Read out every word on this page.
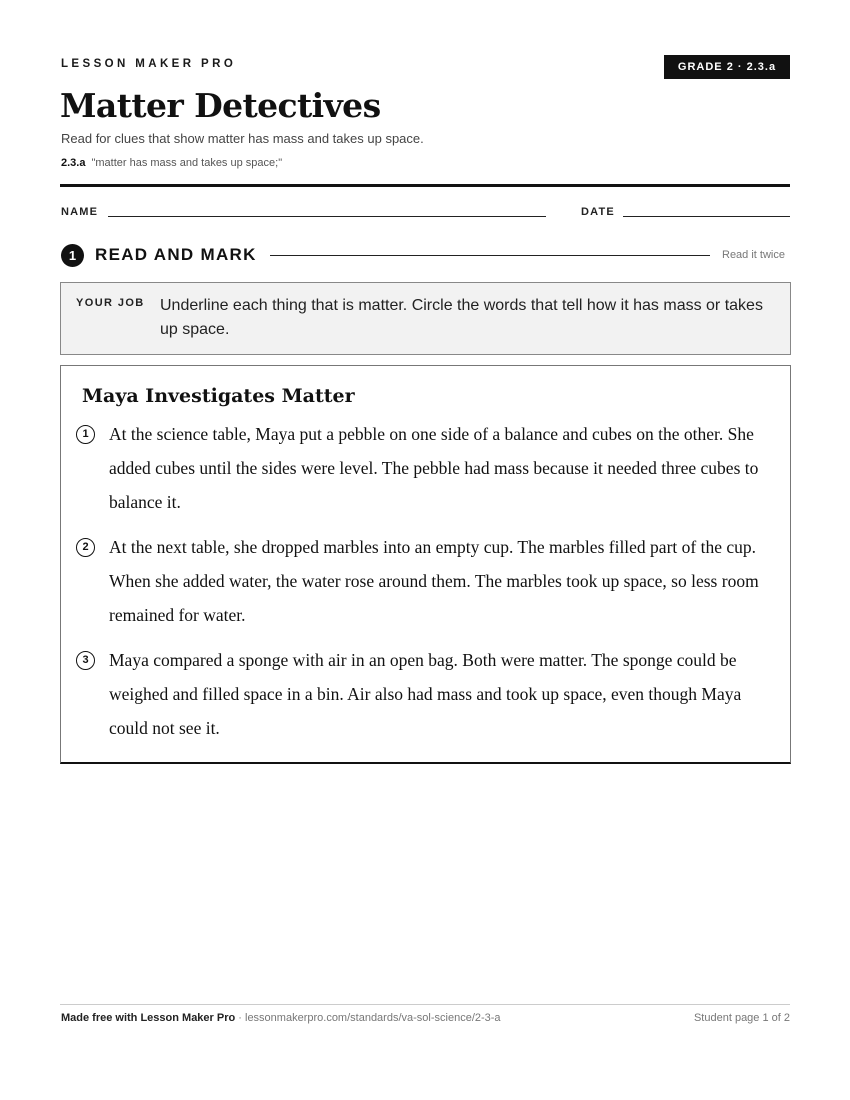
LESSON MAKER PRO	GRADE 2 · 2.3.a
Matter Detectives
Read for clues that show matter has mass and takes up space.
2.3.a "matter has mass and takes up space;"
NAME	DATE
1	READ AND MARK	Read it twice
YOUR JOB Underline each thing that is matter. Circle the words that tell how it has mass or takes up space.
Maya Investigates Matter
1	At the science table, Maya put a pebble on one side of a balance and cubes on the other. She added cubes until the sides were level. The pebble had mass because it needed three cubes to balance it.
2	At the next table, she dropped marbles into an empty cup. The marbles filled part of the cup. When she added water, the water rose around them. The marbles took up space, so less room remained for water.
3	Maya compared a sponge with air in an open bag. Both were matter. The sponge could be weighed and filled space in a bin. Air also had mass and took up space, even though Maya could not see it.
Made free with Lesson Maker Pro · lessonmakerpro.com/standards/va-sol-science/2-3-a	Student page 1 of 2
